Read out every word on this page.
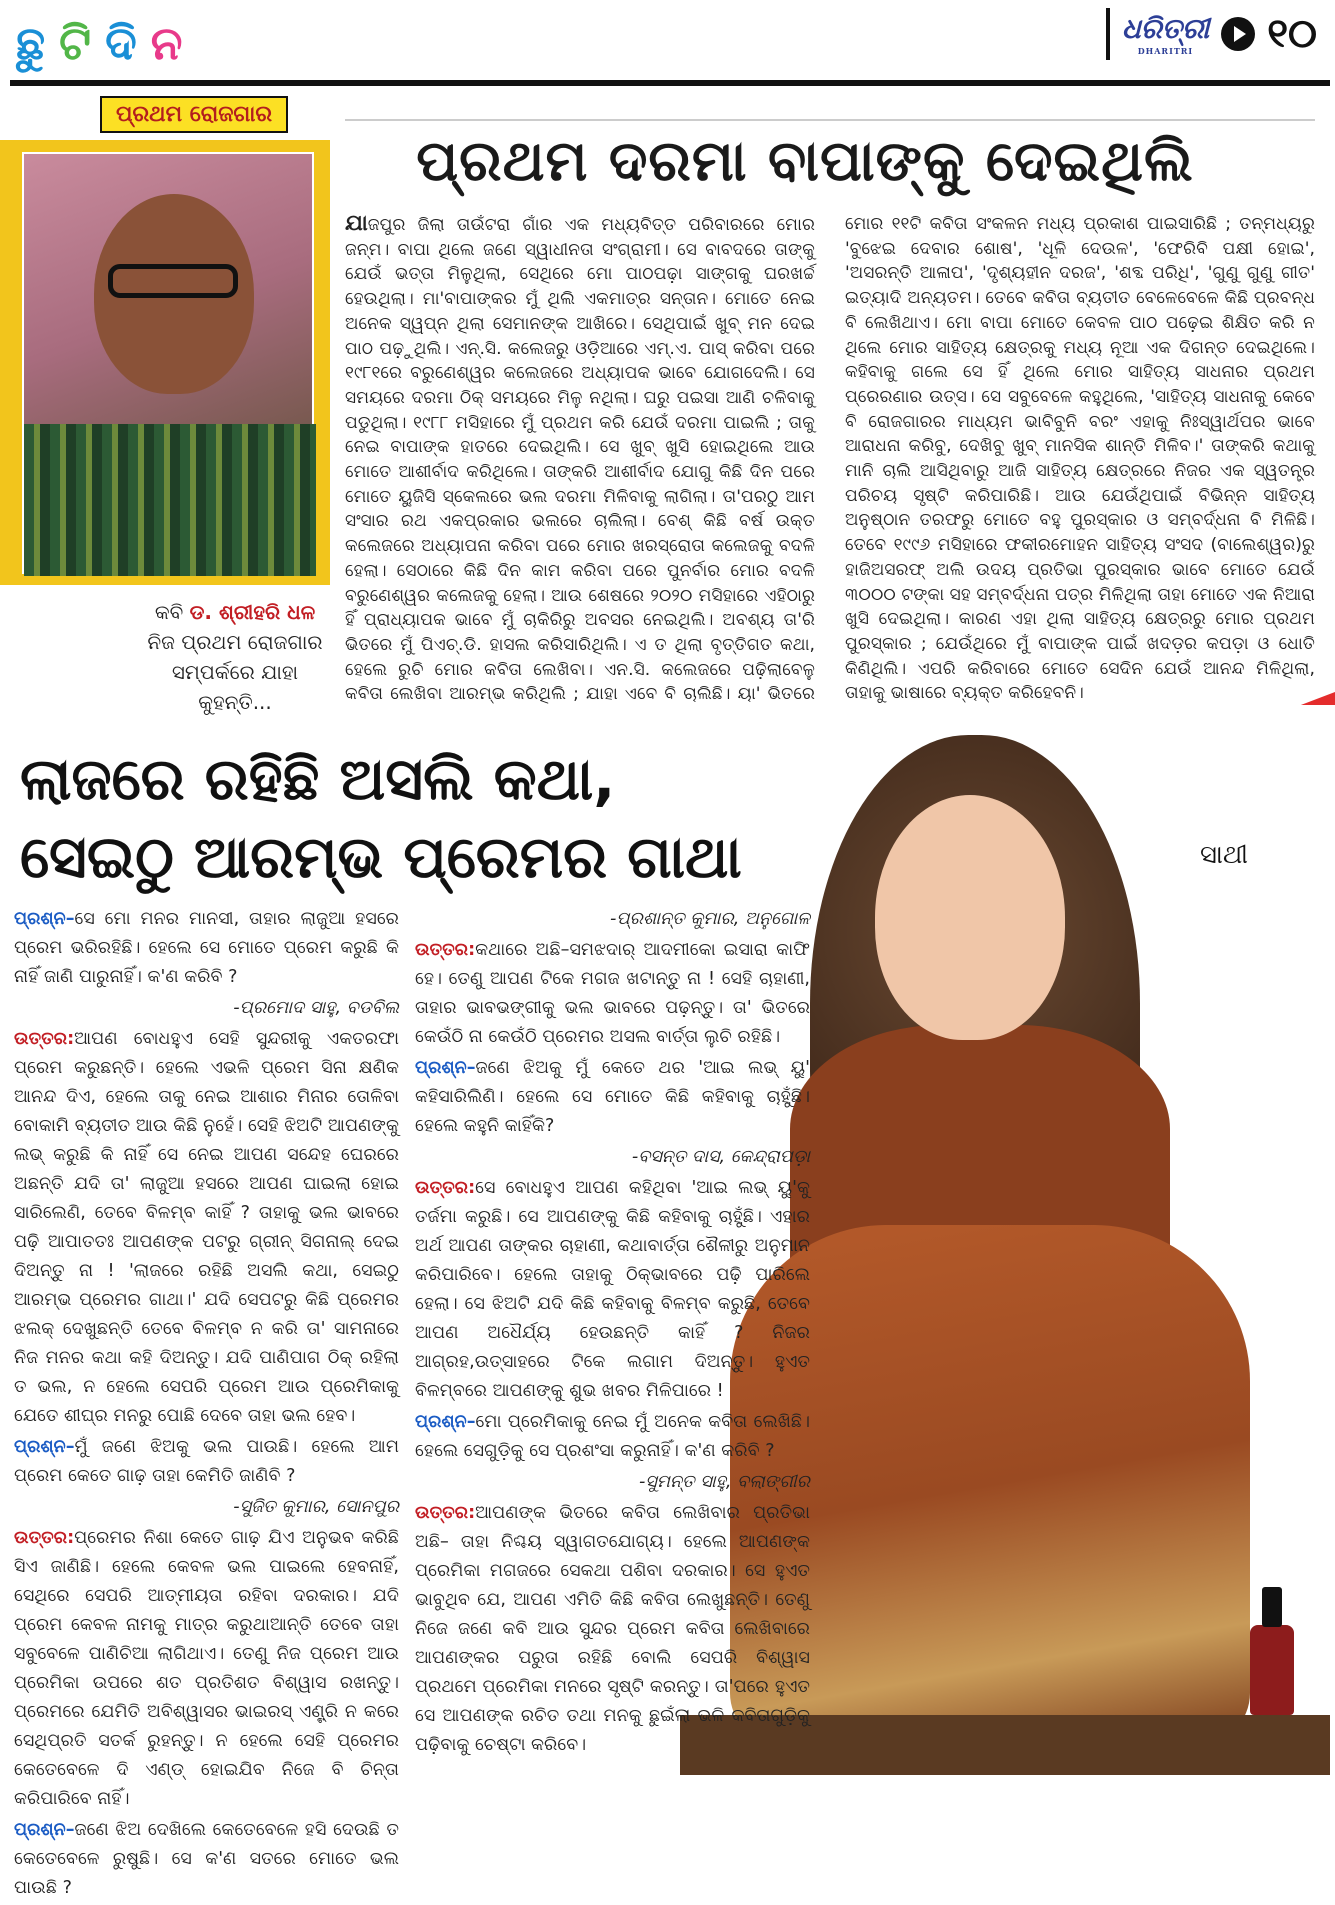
ଛୁ ଟି ଦି ନ	ଧରିତ୍ରୀ
DHARITRI	୧୦
ପ୍ରଥମ ରୋଜଗାର
କବି ଡ. ଶ୍ରୀହରି ଧଳ
ନିଜ ପ୍ରଥମ ରୋଜଗାର ସମ୍ପର୍କରେ ଯାହା କୁହନ୍ତି...
ପ୍ରଥମ ଦରମା ବାପାଙ୍କୁ ଦେଇଥିଲି
ଯାଜପୁର ଜିଲା ତାଉଁଟରା ଗାଁର ଏକ ମଧ୍ୟବିତ୍ତ ପରିବାରରେ ମୋର ଜନ୍ମ। ବାପା ଥିଲେ ଜଣେ ସ୍ୱାଧୀନତା ସଂଗ୍ରାମୀ। ସେ ବାବଦରେ ତାଙ୍କୁ ଯେଉଁ ଭତ୍ତା ମିଳୁଥିଲା, ସେଥିରେ ମୋ ପାଠପଢ଼ା ସାଙ୍ଗକୁ ଘରଖର୍ଚ୍ଚ ହେଉଥିଲା। ମା'ବାପାଙ୍କର ମୁଁ ଥିଲି ଏକମାତ୍ର ସନ୍ତାନ। ମୋତେ ନେଇ ଅନେକ ସ୍ୱପ୍ନ ଥିଲା ସେମାନଙ୍କ ଆଖିରେ। ସେଥିପାଇଁ ଖୁବ୍ ମନ ଦେଇ ପାଠ ପଢ଼ୁଥିଲି। ଏନ୍.ସି. କଲେଜରୁ ଓଡ଼ିଆରେ ଏମ୍.ଏ. ପାସ୍ କରିବା ପରେ ୧୯୮୧ରେ ବରୁଣେଶ୍ୱର କଲେଜରେ ଅଧ୍ୟାପକ ଭାବେ ଯୋଗଦେଲି। ସେ ସମୟରେ ଦରମା ଠିକ୍ ସମୟରେ ମିଳୁ ନଥିଲା। ଘରୁ ପଇସା ଆଣି ଚଳିବାକୁ ପଡୁଥିଲା। ୧୯୮୮ ମସିହାରେ ମୁଁ ପ୍ରଥମ କରି ଯେଉଁ ଦରମା ପାଇଲି ; ତାକୁ ନେଇ ବାପାଙ୍କ ହାତରେ ଦେଇଥିଲି। ସେ ଖୁବ୍ ଖୁସି ହୋଇଥିଲେ ଆଉ ମୋତେ ଆଶୀର୍ବାଦ କରିଥିଲେ। ତାଙ୍କରି ଆଶୀର୍ବାଦ ଯୋଗୁ କିଛି ଦିନ ପରେ ମୋତେ ୟୁଜିସି ସ୍କେଲରେ ଭଲ ଦରମା ମିଳିବାକୁ ଲାଗିଲା। ତା'ପରଠୁ ଆମ ସଂସାର ରଥ ଏକପ୍ରକାର ଭଲରେ ଚାଲିଲା। ବେଶ୍ କିଛି ବର୍ଷ ଉକ୍ତ କଲେଜରେ ଅଧ୍ୟାପନା କରିବା ପରେ ମୋର ଖରସ୍ରୋତା କଲେଜକୁ ବଦଳି ହେଲା। ସେଠାରେ କିଛି ଦିନ କାମ କରିବା ପରେ ପୁନର୍ବାର ମୋର ବଦଳି ବରୁଣେଶ୍ୱର କଲେଜକୁ ହେଲା। ଆଉ ଶେଷରେ ୨୦୨୦ ମସିହାରେ ଏହିଠାରୁ ହିଁ ପ୍ରାଧ୍ୟାପକ ଭାବେ ମୁଁ ଚାକିରିରୁ ଅବସର ନେଇଥିଲି। ଅବଶ୍ୟ ତା'ରି ଭିତରେ ମୁଁ ପିଏଚ୍.ଡି. ହାସଲ କରିସାରିଥିଲି। ଏ ତ ଥିଲା ବୃତ୍ତିଗତ କଥା, ହେଲେ ରୁଚି ମୋର କବିତା ଲେଖିବା। ଏନ.ସି. କଲେଜରେ ପଢ଼ିଲାବେଳୁ କବିତା ଲେଖିବା ଆରମ୍ଭ କରିଥିଲି ; ଯାହା ଏବେ ବି ଚାଲିଛି। ୟା' ଭିତରେ ମୋର ୧୧ଟି କବିତା ସଂକଳନ ମଧ୍ୟ ପ୍ରକାଶ ପାଇସାରିଛି ; ତନ୍ମଧ୍ୟରୁ 'ବୁଝେଇ ଦେବାର ଶୋଷ', 'ଧୂଳି ଦେଉଳ', 'ଫେରିବି ପକ୍ଷୀ ହୋଇ', 'ଅସରନ୍ତି ଆଳାପ', 'ଦୃଶ୍ୟହୀନ ଦରଜ', 'ଶବ୍ଦ ପରିଧି', 'ଗୁଣୁ ଗୁଣୁ ଗୀତ' ଇତ୍ୟାଦି ଅନ୍ୟତମ। ତେବେ କବିତା ବ୍ୟତୀତ ବେଳେବେଳେ କିଛି ପ୍ରବନ୍ଧ ବି ଲେଖିଥାଏ। ମୋ ବାପା ମୋତେ କେବଳ ପାଠ ପଢ଼େଇ ଶିକ୍ଷିତ କରି ନ ଥିଲେ ମୋର ସାହିତ୍ୟ କ୍ଷେତ୍ରକୁ ମଧ୍ୟ ନୂଆ ଏକ ଦିଗନ୍ତ ଦେଇଥିଲେ। କହିବାକୁ ଗଲେ ସେ ହିଁ ଥିଲେ ମୋର ସାହିତ୍ୟ ସାଧନାର ପ୍ରଥମ ପ୍ରେରଣାର ଉତ୍ସ। ସେ ସବୁବେଳେ କହୁଥିଲେ, 'ସାହିତ୍ୟ ସାଧନାକୁ କେବେ ବି ରୋଜଗାରର ମାଧ୍ୟମ ଭାବିବୁନି ବରଂ ଏହାକୁ ନିଃସ୍ୱାର୍ଥପର ଭାବେ ଆରାଧନା କରିବୁ, ଦେଖିବୁ ଖୁବ୍ ମାନସିକ ଶାନ୍ତି ମିଳିବ।' ତାଙ୍କରି କଥାକୁ ମାନି ଚାଲି ଆସିଥିବାରୁ ଆଜି ସାହିତ୍ୟ କ୍ଷେତ୍ରରେ ନିଜର ଏକ ସ୍ୱତନ୍ତ୍ର ପରିଚୟ ସୃଷ୍ଟି କରିପାରିଛି। ଆଉ ଯେଉଁଥିପାଇଁ ବିଭିନ୍ନ ସାହିତ୍ୟ ଅନୁଷ୍ଠାନ ତରଫରୁ ମୋତେ ବହୁ ପୁରସ୍କାର ଓ ସମ୍ବର୍ଦ୍ଧନା ବି ମିଳିଛି। ତେବେ ୧୯୯୬ ମସିହାରେ ଫକୀରମୋହନ ସାହିତ୍ୟ ସଂସଦ (ବାଲେଶ୍ୱର)ରୁ ହାଜିଅସରଫ୍ ଅଲି ଉଦୟ ପ୍ରତିଭା ପୁରସ୍କାର ଭାବେ ମୋତେ ଯେଉଁ ୩୦୦୦ ଟଙ୍କା ସହ ସମ୍ବର୍ଦ୍ଧନା ପତ୍ର ମିଳିଥିଲା ତାହା ମୋତେ ଏକ ନିଆରା ଖୁସି ଦେଇଥିଲା। କାରଣ ଏହା ଥିଲା ସାହିତ୍ୟ କ୍ଷେତ୍ରରୁ ମୋର ପ୍ରଥମ ପୁରସ୍କାର ; ଯେଉଁଥିରେ ମୁଁ ବାପାଙ୍କ ପାଇଁ ଖଦଡ଼ର କପଡ଼ା ଓ ଧୋତି କିଣିଥିଲି। ଏପରି କରିବାରେ ମୋତେ ସେଦିନ ଯେଉଁ ଆନନ୍ଦ ମିଳିଥିଲା, ତାହାକୁ ଭାଷାରେ ବ୍ୟକ୍ତ କରିହେବନି।
ଲାଜରେ ରହିଛି ଅସଲି କଥା,
ସେଇଠୁ ଆରମ୍ଭ ପ୍ରେମର ଗାଥା	ସାଥୀ

ପ୍ରଶ୍ନ–ସେ ମୋ ମନର ମାନସୀ, ତାହାର ଲାଜୁଆ ହସରେ ପ୍ରେମ ଭରିରହିଛି। ହେଲେ ସେ ମୋତେ ପ୍ରେମ କରୁଛି କି ନାହିଁ ଜାଣି ପାରୁନାହିଁ। କ'ଣ କରିବି ?

-ପ୍ରମୋଦ ସାହୁ, ବଡବିଲ

ଉତ୍ତର:ଆପଣ ବୋଧହୁଏ ସେହି ସୁନ୍ଦରୀକୁ ଏକତରଫା ପ୍ରେମ କରୁଛନ୍ତି। ହେଲେ ଏଭଳି ପ୍ରେମ ସିନା କ୍ଷଣିକ ଆନନ୍ଦ ଦିଏ, ହେଲେ ତାକୁ ନେଇ ଆଶାର ମିନାର ତୋଳିବା ବୋକାମି ବ୍ୟତୀତ ଆଉ କିଛି ନୁହେଁ। ସେହି ଝିଅଟି ଆପଣଙ୍କୁ ଲଭ୍ କରୁଛି କି ନାହିଁ ସେ ନେଇ ଆପଣ ସନ୍ଦେହ ଘେରରେ ଅଛନ୍ତି ଯଦି ତା' ଲାଜୁଆ ହସରେ ଆପଣ ଘାଇଲା ହୋଇ ସାରିଲେଣି, ତେବେ ବିଳମ୍ବ କାହିଁ ? ତାହାକୁ ଭଲ ଭାବରେ ପଢ଼ି ଆପାତତଃ ଆପଣଙ୍କ ପଟରୁ ଗ୍ରୀନ୍ ସିଗନାଲ୍ ଦେଇ ଦିଅନ୍ତୁ ନା ! 'ଲାଜରେ ରହିଛି ଅସଲି କଥା, ସେଇଠୁ ଆରମ୍ଭ ପ୍ରେମର ଗାଥା।' ଯଦି ସେପଟରୁ କିଛି ପ୍ରେମର ଝଲକ୍ ଦେଖୁଛନ୍ତି ତେବେ ବିଳମ୍ବ ନ କରି ତା' ସାମନାରେ ନିଜ ମନର କଥା କହି ଦିଅନ୍ତୁ। ଯଦି ପାଣିପାଗ ଠିକ୍ ରହିଲା ତ ଭଲ, ନ ହେଲେ ସେପରି ପ୍ରେମ ଆଉ ପ୍ରେମିକାକୁ ଯେତେ ଶୀଘ୍ର ମନରୁ ପୋଛି ଦେବେ ତାହା ଭଲ ହେବ।

ପ୍ରଶ୍ନ–ମୁଁ ଜଣେ ଝିଅକୁ ଭଲ ପାଉଛି। ହେଲେ ଆମ ପ୍ରେମ କେତେ ଗାଢ଼ ତାହା କେମିତି ଜାଣିବି ?

-ସୁଜିତ କୁମାର, ସୋନପୁର

ଉତ୍ତର:ପ୍ରେମର ନିଶା କେତେ ଗାଢ଼ ଯିଏ ଅନୁଭବ କରିଛି ସିଏ ଜାଣିଛି। ହେଲେ କେବଳ ଭଲ ପାଇଲେ ହେବନାହିଁ, ସେଥିରେ ସେପରି ଆତ୍ମୀୟତା ରହିବା ଦରକାର। ଯଦି ପ୍ରେମ କେବଳ ନାମକୁ ମାତ୍ର କରୁଥାଆନ୍ତି ତେବେ ତାହା ସବୁବେଳେ ପାଣିଚିଆ ଲାଗିଥାଏ। ତେଣୁ ନିଜ ପ୍ରେମ ଆଉ ପ୍ରେମିକା ଉପରେ ଶତ ପ୍ରତିଶତ ବିଶ୍ୱାସ ରଖନ୍ତୁ। ପ୍ରେମରେ ଯେମିତି ଅବିଶ୍ୱାସର ଭାଇରସ୍ ଏଣ୍ଟ୍ରି ନ କରେ ସେଥିପ୍ରତି ସତର୍କ ରୁହନ୍ତୁ। ନ ହେଲେ ସେହି ପ୍ରେମର କେତେବେଳେ ଦି ଏଣ୍ଡ୍ ହୋଇଯିବ ନିଜେ ବି ଚିନ୍ତା କରିପାରିବେ ନାହିଁ।

ପ୍ରଶ୍ନ–ଜଣେ ଝିଅ ଦେଖିଲେ କେତେବେଳେ ହସି ଦେଉଛି ତ କେତେବେଳେ ରୁଷୁଛି। ସେ କ'ଣ ସତରେ ମୋତେ ଭଲ ପାଉଛି ?

-ପ୍ରଶାନ୍ତ କୁମାର, ଅନୁଗୋଳ

ଉତ୍ତର:କଥାରେ ଅଛି–ସମଝଦାର୍ ଆଦମୀକୋ ଇସାରା କାଫି ହେ। ତେଣୁ ଆପଣ ଟିକେ ମଗଜ ଖଟାନ୍ତୁ ନା ! ସେହି ଚାହାଣୀ, ତାହାର ଭାବଭଙ୍ଗୀକୁ ଭଲ ଭାବରେ ପଢ଼ନ୍ତୁ। ତା' ଭିତରେ କେଉଁଠି ନା କେଉଁଠି ପ୍ରେମର ଅସଲ ବାର୍ତ୍ତା ଲୁଚି ରହିଛି।

ପ୍ରଶ୍ନ–ଜଣେ ଝିଅକୁ ମୁଁ କେତେ ଥର 'ଆଇ ଲଭ୍ ୟୁ' କହିସାରିଲିଣି। ହେଲେ ସେ ମୋତେ କିଛି କହିବାକୁ ଚାହୁଁଛି। ହେଲେ କହୁନି କାହିଁକି?

-ବସନ୍ତ ଦାସ, କେନ୍ଦ୍ରାପଡ଼ା

ଉତ୍ତର:ସେ ବୋଧହୁଏ ଆପଣ କହିଥିବା 'ଆଇ ଲଭ୍ ୟୁ'କୁ ତର୍ଜମା କରୁଛି। ସେ ଆପଣଙ୍କୁ କିଛି କହିବାକୁ ଚାହୁଁଛି। ଏହାର ଅର୍ଥ ଆପଣ ତାଙ୍କର ଚାହାଣୀ, କଥାବାର୍ତ୍ତା ଶୈଳୀରୁ ଅନୁମାନ କରିପାରିବେ। ହେଲେ ତାହାକୁ ଠିକ୍‌ଭାବରେ ପଢ଼ି ପାରିଲେ ହେଲା। ସେ ଝିଅଟି ଯଦି କିଛି କହିବାକୁ ବିଳମ୍ବ କରୁଛି, ତେବେ ଆପଣ ଅଧୈର୍ଯ୍ୟ ହେଉଛନ୍ତି କାହିଁ ? ନିଜର ଆଗ୍ରହ,ଉତ୍ସାହରେ ଟିକେ ଲଗାମ ଦିଅନ୍ତୁ। ହୁଏତ ବିଳମ୍ବରେ ଆପଣଙ୍କୁ ଶୁଭ ଖବର ମିଳିପାରେ !

ପ୍ରଶ୍ନ–ମୋ ପ୍ରେମିକାକୁ ନେଇ ମୁଁ ଅନେକ କବିତା ଲେଖିଛି। ହେଲେ ସେଗୁଡ଼ିକୁ ସେ ପ୍ରଶଂସା କରୁନାହିଁ। କ'ଣ କରିବି ?

-ସୁମନ୍ତ ସାହୁ, ବଲାଙ୍ଗୀର

ଉତ୍ତର:ଆପଣଙ୍କ ଭିତରେ କବିତା ଲେଖିବାର ପ୍ରତିଭା ଅଛି– ତାହା ନିଶ୍ଚୟ ସ୍ୱାଗତଯୋଗ୍ୟ। ହେଲେ ଆପଣଙ୍କ ପ୍ରେମିକା ମଗଜରେ ସେକଥା ପଶିବା ଦରକାର। ସେ ହୁଏତ ଭାବୁଥିବ ଯେ, ଆପଣ ଏମିତି କିଛି କବିତା ଲେଖୁଛନ୍ତି। ତେଣୁ ନିଜେ ଜଣେ କବି ଆଉ ସୁନ୍ଦର ପ୍ରେମ କବିତା ଲେଖିବାରେ ଆପଣଙ୍କର ପରୁତା ରହିଛି ବୋଲି ସେପରି ବିଶ୍ୱାସ ପ୍ରଥମେ ପ୍ରେମିକା ମନରେ ସୃଷ୍ଟି କରନ୍ତୁ। ତା'ପରେ ହୁଏତ ସେ ଆପଣଙ୍କ ରଚିତ ତଥା ମନକୁ ଛୁଇଁଲା ଭଳି କବିତାଗୁଡ଼ିକୁ ପଢ଼ିବାକୁ ଚେଷ୍ଟା କରିବେ।
